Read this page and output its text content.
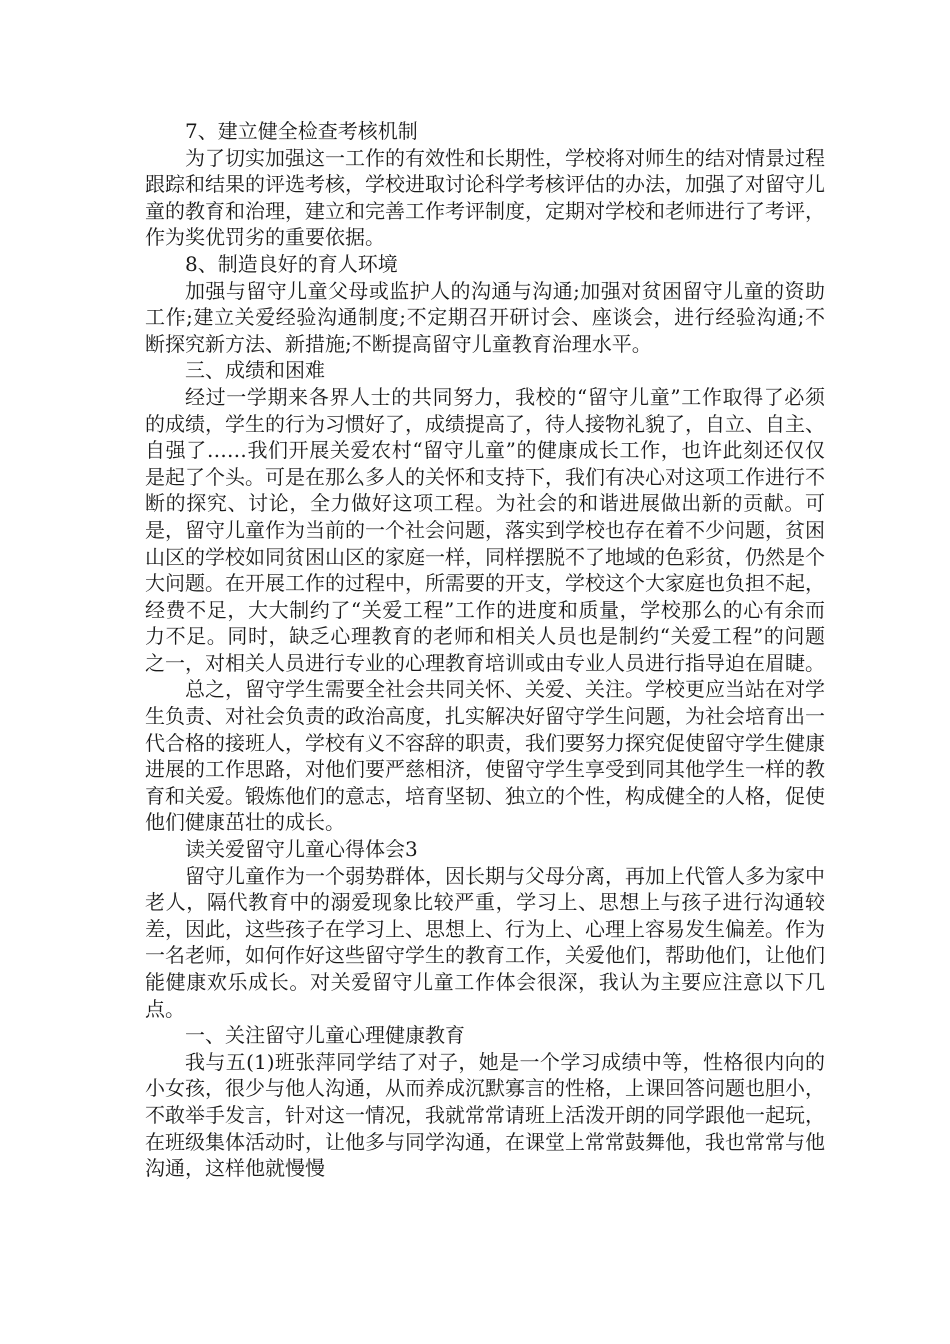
7、建立健全检查考核机制

为了切实加强这一工作的有效性和长期性，学校将对师生的结对情景过程跟踪和结果的评选考核，学校进取讨论科学考核评估的办法，加强了对留守儿童的教育和治理，建立和完善工作考评制度，定期对学校和老师进行了考评，作为奖优罚劣的重要依据。

8、制造良好的育人环境

加强与留守儿童父母或监护人的沟通与沟通;加强对贫困留守儿童的资助工作;建立关爱经验沟通制度;不定期召开研讨会、座谈会，进行经验沟通;不断探究新方法、新措施;不断提高留守儿童教育治理水平。

三、成绩和困难

经过一学期来各界人士的共同努力，我校的“留守儿童”工作取得了必须的成绩，学生的行为习惯好了，成绩提高了，待人接物礼貌了，自立、自主、自强了……我们开展关爱农村“留守儿童”的健康成长工作，也许此刻还仅仅是起了个头。可是在那么多人的关怀和支持下，我们有决心对这项工作进行不断的探究、讨论，全力做好这项工程。为社会的和谐进展做出新的贡献。可是，留守儿童作为当前的一个社会问题，落实到学校也存在着不少问题，贫困山区的学校如同贫困山区的家庭一样，同样摆脱不了地域的色彩贫，仍然是个大问题。在开展工作的过程中，所需要的开支，学校这个大家庭也负担不起，经费不足，大大制约了“关爱工程”工作的进度和质量，学校那么的心有余而力不足。同时，缺乏心理教育的老师和相关人员也是制约“关爱工程”的问题之一，对相关人员进行专业的心理教育培训或由专业人员进行指导迫在眉睫。

总之，留守学生需要全社会共同关怀、关爱、关注。学校更应当站在对学生负责、对社会负责的政治高度，扎实解决好留守学生问题，为社会培育出一代合格的接班人，学校有义不容辞的职责，我们要努力探究促使留守学生健康进展的工作思路，对他们要严慈相济，使留守学生享受到同其他学生一样的教育和关爱。锻炼他们的意志，培育坚韧、独立的个性，构成健全的人格，促使他们健康茁壮的成长。

读关爱留守儿童心得体会3

留守儿童作为一个弱势群体，因长期与父母分离，再加上代管人多为家中老人，隔代教育中的溺爱现象比较严重，学习上、思想上与孩子进行沟通较差，因此，这些孩子在学习上、思想上、行为上、心理上容易发生偏差。作为一名老师，如何作好这些留守学生的教育工作，关爱他们，帮助他们，让他们能健康欢乐成长。对关爱留守儿童工作体会很深，我认为主要应注意以下几点。

一、关注留守儿童心理健康教育

我与五(1)班张萍同学结了对子，她是一个学习成绩中等，性格很内向的小女孩，很少与他人沟通，从而养成沉默寡言的性格，上课回答问题也胆小，不敢举手发言，针对这一情况，我就常常请班上活泼开朗的同学跟他一起玩，在班级集体活动时，让他多与同学沟通，在课堂上常常鼓舞他，我也常常与他沟通，这样他就慢慢
